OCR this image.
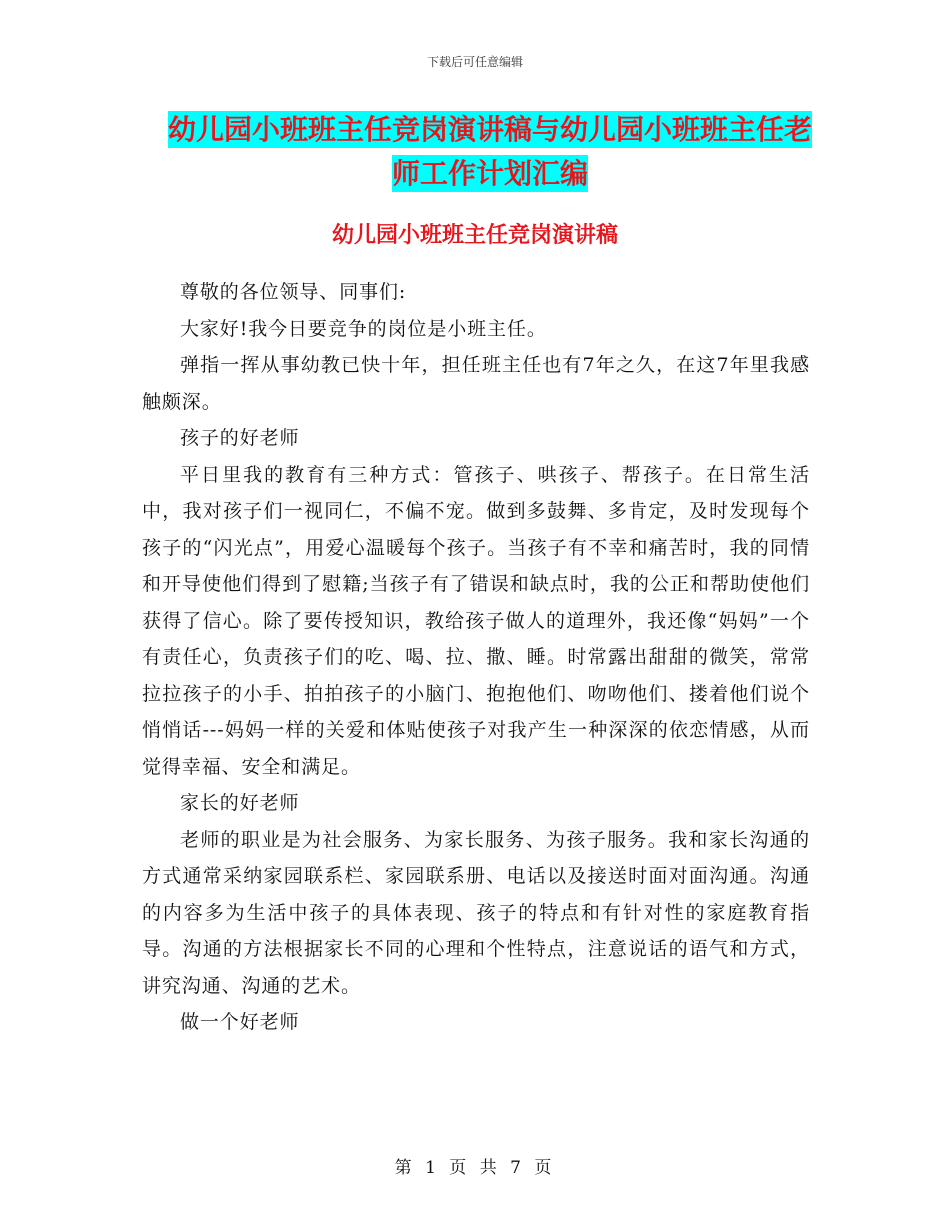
下载后可任意编辑
幼儿园小班班主任竞岗演讲稿与幼儿园小班班主任老
师工作计划汇编
幼儿园小班班主任竞岗演讲稿

尊敬的各位领导、同事们:

大家好!我今日要竞争的岗位是小班主任。

弹指一挥从事幼教已快十年，担任班主任也有7年之久，在这7年里我感触颇深。

孩子的好老师

平日里我的教育有三种方式：管孩子、哄孩子、帮孩子。在日常生活中，我对孩子们一视同仁，不偏不宠。做到多鼓舞、多肯定，及时发现每个孩子的“闪光点”，用爱心温暖每个孩子。当孩子有不幸和痛苦时，我的同情和开导使他们得到了慰籍;当孩子有了错误和缺点时，我的公正和帮助使他们获得了信心。除了要传授知识，教给孩子做人的道理外，我还像“妈妈”一个有责任心，负责孩子们的吃、喝、拉、撒、睡。时常露出甜甜的微笑，常常拉拉孩子的小手、拍拍孩子的小脑门、抱抱他们、吻吻他们、搂着他们说个悄悄话---妈妈一样的关爱和体贴使孩子对我产生一种深深的依恋情感，从而觉得幸福、安全和满足。

家长的好老师

老师的职业是为社会服务、为家长服务、为孩子服务。我和家长沟通的方式通常采纳家园联系栏、家园联系册、电话以及接送时面对面沟通。沟通的内容多为生活中孩子的具体表现、孩子的特点和有针对性的家庭教育指导。沟通的方法根据家长不同的心理和个性特点，注意说话的语气和方式，讲究沟通、沟通的艺术。

做一个好老师

第 1 页 共 7 页
